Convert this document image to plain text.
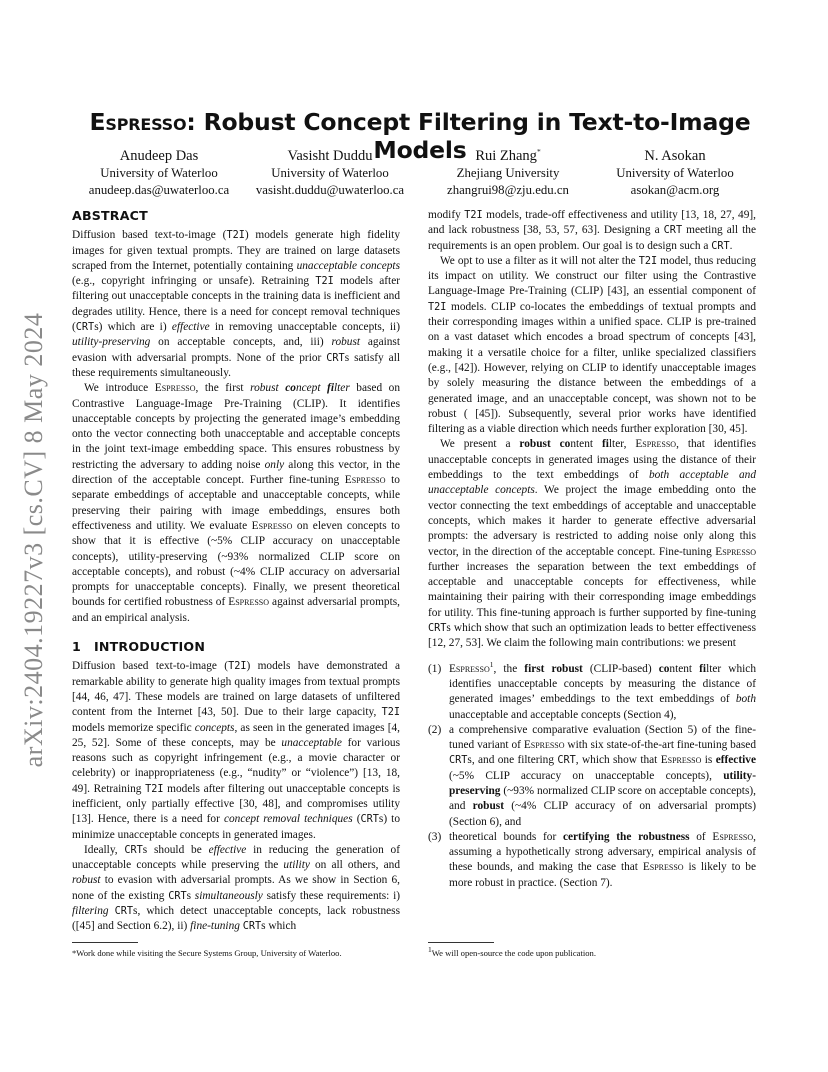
arXiv:2404.19227v3 [cs.CV] 8 May 2024
Espresso: Robust Concept Filtering in Text-to-Image Models
Anudeep Das
University of Waterloo
anudeep.das@uwaterloo.ca
Vasisht Duddu
University of Waterloo
vasisht.duddu@uwaterloo.ca
Rui Zhang*
Zhejiang University
zhangrui98@zju.edu.cn
N. Asokan
University of Waterloo
asokan@acm.org
ABSTRACT

Diffusion based text-to-image (T2I) models generate high fidelity images for given textual prompts. They are trained on large datasets scraped from the Internet, potentially containing unacceptable concepts (e.g., copyright infringing or unsafe). Retraining T2I models after filtering out unacceptable concepts in the training data is inefficient and degrades utility. Hence, there is a need for concept removal techniques (CRTs) which are i) effective in removing unacceptable concepts, ii) utility-preserving on acceptable concepts, and, iii) robust against evasion with adversarial prompts. None of the prior CRTs satisfy all these requirements simultaneously.

We introduce Espresso, the first robust concept filter based on Contrastive Language-Image Pre-Training (CLIP). It identifies unacceptable concepts by projecting the generated image’s embedding onto the vector connecting both unacceptable and acceptable concepts in the joint text-image embedding space. This ensures robustness by restricting the adversary to adding noise only along this vector, in the direction of the acceptable concept. Further fine-tuning Espresso to separate embeddings of acceptable and unacceptable concepts, while preserving their pairing with image embeddings, ensures both effectiveness and utility. We evaluate Espresso on eleven concepts to show that it is effective (~5% CLIP accuracy on unacceptable concepts), utility-preserving (~93% normalized CLIP score on acceptable concepts), and robust (~4% CLIP accuracy on adversarial prompts for unacceptable concepts). Finally, we present theoretical bounds for certified robustness of Espresso against adversarial prompts, and an empirical analysis.

1 INTRODUCTION

Diffusion based text-to-image (T2I) models have demonstrated a remarkable ability to generate high quality images from textual prompts [44, 46, 47]. These models are trained on large datasets of unfiltered content from the Internet [43, 50]. Due to their large capacity, T2I models memorize specific concepts, as seen in the generated images [4, 25, 52]. Some of these concepts, may be unacceptable for various reasons such as copyright infringement (e.g., a movie character or celebrity) or inappropriateness (e.g., “nudity” or “violence”) [13, 18, 49]. Retraining T2I models after filtering out unacceptable concepts is inefficient, only partially effective [30, 48], and compromises utility [13]. Hence, there is a need for concept removal techniques (CRTs) to minimize unacceptable concepts in generated images.

Ideally, CRTs should be effective in reducing the generation of unacceptable concepts while preserving the utility on all others, and robust to evasion with adversarial prompts. As we show in Section 6, none of the existing CRTs simultaneously satisfy these requirements: i) filtering CRTs, which detect unacceptable concepts, lack robustness ([45] and Section 6.2), ii) fine-tuning CRTs which

modify T2I models, trade-off effectiveness and utility [13, 18, 27, 49], and lack robustness [38, 53, 57, 63]. Designing a CRT meeting all the requirements is an open problem. Our goal is to design such a CRT.

We opt to use a filter as it will not alter the T2I model, thus reducing its impact on utility. We construct our filter using the Contrastive Language-Image Pre-Training (CLIP) [43], an essential component of T2I models. CLIP co-locates the embeddings of textual prompts and their corresponding images within a unified space. CLIP is pre-trained on a vast dataset which encodes a broad spectrum of concepts [43], making it a versatile choice for a filter, unlike specialized classifiers (e.g., [42]). However, relying on CLIP to identify unacceptable images by solely measuring the distance between the embeddings of a generated image, and an unacceptable concept, was shown not to be robust ( [45]). Subsequently, several prior works have identified filtering as a viable direction which needs further exploration [30, 45].

We present a robust content filter, Espresso, that identifies unacceptable concepts in generated images using the distance of their embeddings to the text embeddings of both acceptable and unacceptable concepts. We project the image embedding onto the vector connecting the text embeddings of acceptable and unacceptable concepts, which makes it harder to generate effective adversarial prompts: the adversary is restricted to adding noise only along this vector, in the direction of the acceptable concept. Fine-tuning Espresso further increases the separation between the text embeddings of acceptable and unacceptable concepts for effectiveness, while maintaining their pairing with their corresponding image embeddings for utility. This fine-tuning approach is further supported by fine-tuning CRTs which show that such an optimization leads to better effectiveness [12, 27, 53]. We claim the following main contributions: we present

(1) Espresso$^1$, the first robust (CLIP-based) content filter which identifies unacceptable concepts by measuring the distance of generated images’ embeddings to the text embeddings of both unacceptable and acceptable concepts (Section 4),
(2) a comprehensive comparative evaluation (Section 5) of the fine-tuned variant of Espresso with six state-of-the-art fine-tuning based CRTs, and one filtering CRT, which show that Espresso is effective (~5% CLIP accuracy on unacceptable concepts), utility-preserving (~93% normalized CLIP score on acceptable concepts), and robust (~4% CLIP accuracy of on adversarial prompts) (Section 6), and
(3) theoretical bounds for certifying the robustness of Espresso, assuming a hypothetically strong adversary, empirical analysis of these bounds, and making the case that Espresso is likely to be more robust in practice. (Section 7).
*Work done while visiting the Secure Systems Group, University of Waterloo.	$^1$We will open-source the code upon publication.
